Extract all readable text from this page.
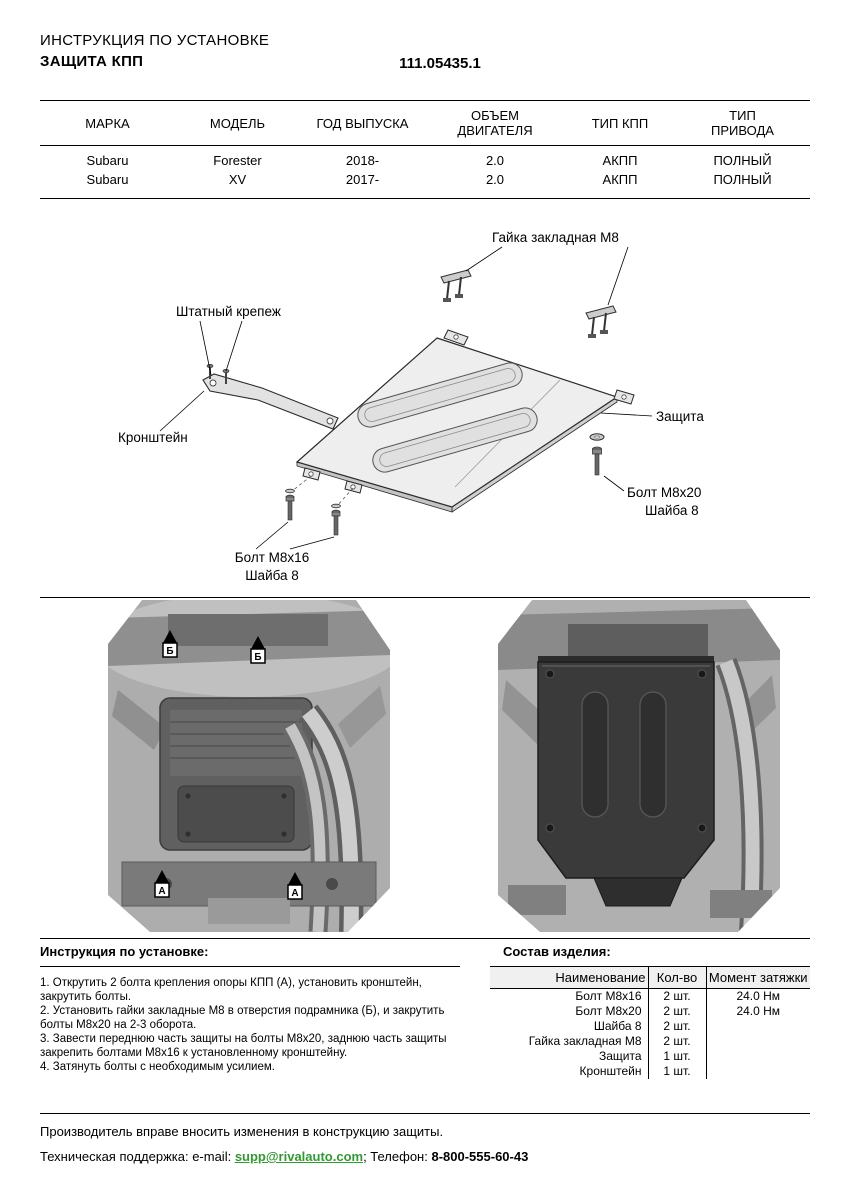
ИНСТРУКЦИЯ ПО УСТАНОВКЕ
ЗАЩИТА КПП	111.05435.1
МАРКА	МОДЕЛЬ	ГОД ВЫПУСКА	ОБЪЕМ ДВИГАТЕЛЯ	ТИП КПП	ТИП ПРИВОДА
Subaru	Forester	2018-	2.0	АКПП	ПОЛНЫЙ
Subaru	XV	2017-	2.0	АКПП	ПОЛНЫЙ
Гайка закладная М8
Штатный крепеж
Защита
Кронштейн
Болт М8х20
Шайба 8
Болт М8х16
Шайба 8
Б
Б
А	А
Инструкция по установке:
1. Открутить 2 болта крепления опоры КПП (А), установить кронштейн, закрутить болты.
2. Установить гайки закладные М8 в отверстия подрамника (Б), и закрутить болты М8х20 на 2-3 оборота.
3. Завести переднюю часть защиты на болты М8х20, заднюю часть защиты закрепить болтами М8х16 к установленному кронштейну.
4. Затянуть болты с необходимым усилием.
Состав изделия:
Наименование	Кол-во	Момент затяжки
Болт М8х16	2 шт.	24.0 Нм
Болт М8х20	2 шт.	24.0 Нм
Шайба 8	2 шт.	
Гайка закладная М8	2 шт.	
Защита	1 шт.	
Кронштейн	1 шт.	
Производитель вправе вносить изменения в конструкцию защиты.
Техническая поддержка: e-mail: supp@rivalauto.com; Телефон: 8-800-555-60-43
